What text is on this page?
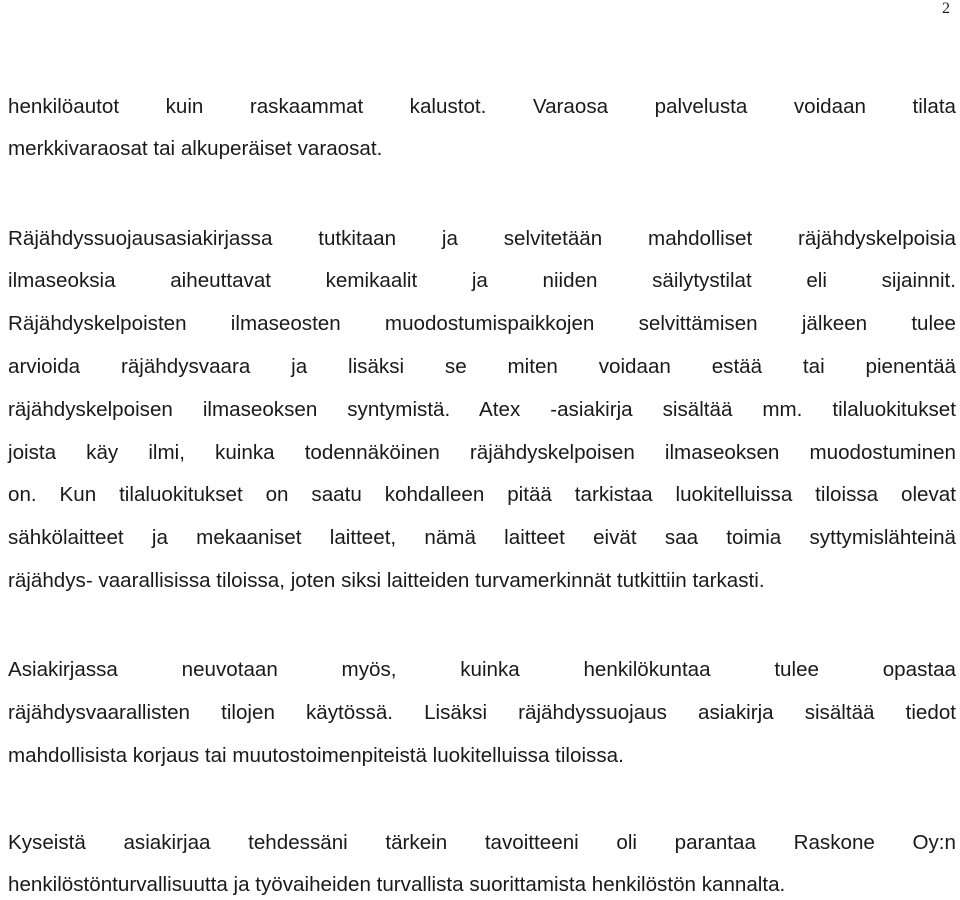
2
henkilöautot kuin raskaammat kalustot. Varaosa palvelusta voidaan tilata
merkkivaraosat tai alkuperäiset varaosat.
Räjähdyssuojausasiakirjassa tutkitaan ja selvitetään mahdolliset räjähdyskelpoisia
ilmaseoksia aiheuttavat kemikaalit ja niiden säilytystilat eli sijainnit.
Räjähdyskelpoisten ilmaseosten muodostumispaikkojen selvittämisen jälkeen tulee
arvioida räjähdysvaara ja lisäksi se miten voidaan estää tai pienentää
räjähdyskelpoisen ilmaseoksen syntymistä. Atex -asiakirja sisältää mm. tilaluokitukset
joista käy ilmi, kuinka todennäköinen räjähdyskelpoisen ilmaseoksen muodostuminen
on. Kun tilaluokitukset on saatu kohdalleen pitää tarkistaa luokitelluissa tiloissa olevat
sähkölaitteet ja mekaaniset laitteet, nämä laitteet eivät saa toimia syttymislähteinä
räjähdys- vaarallisissa tiloissa, joten siksi laitteiden turvamerkinnät tutkittiin tarkasti.
Asiakirjassa neuvotaan myös, kuinka henkilökuntaa tulee opastaa
räjähdysvaarallisten tilojen käytössä. Lisäksi räjähdyssuojaus asiakirja sisältää tiedot
mahdollisista korjaus tai muutostoimenpiteistä luokitelluissa tiloissa.
Kyseistä asiakirjaa tehdessäni tärkein tavoitteeni oli parantaa Raskone Oy:n
henkilöstönturvallisuutta ja työvaiheiden turvallista suorittamista henkilöstön kannalta.
